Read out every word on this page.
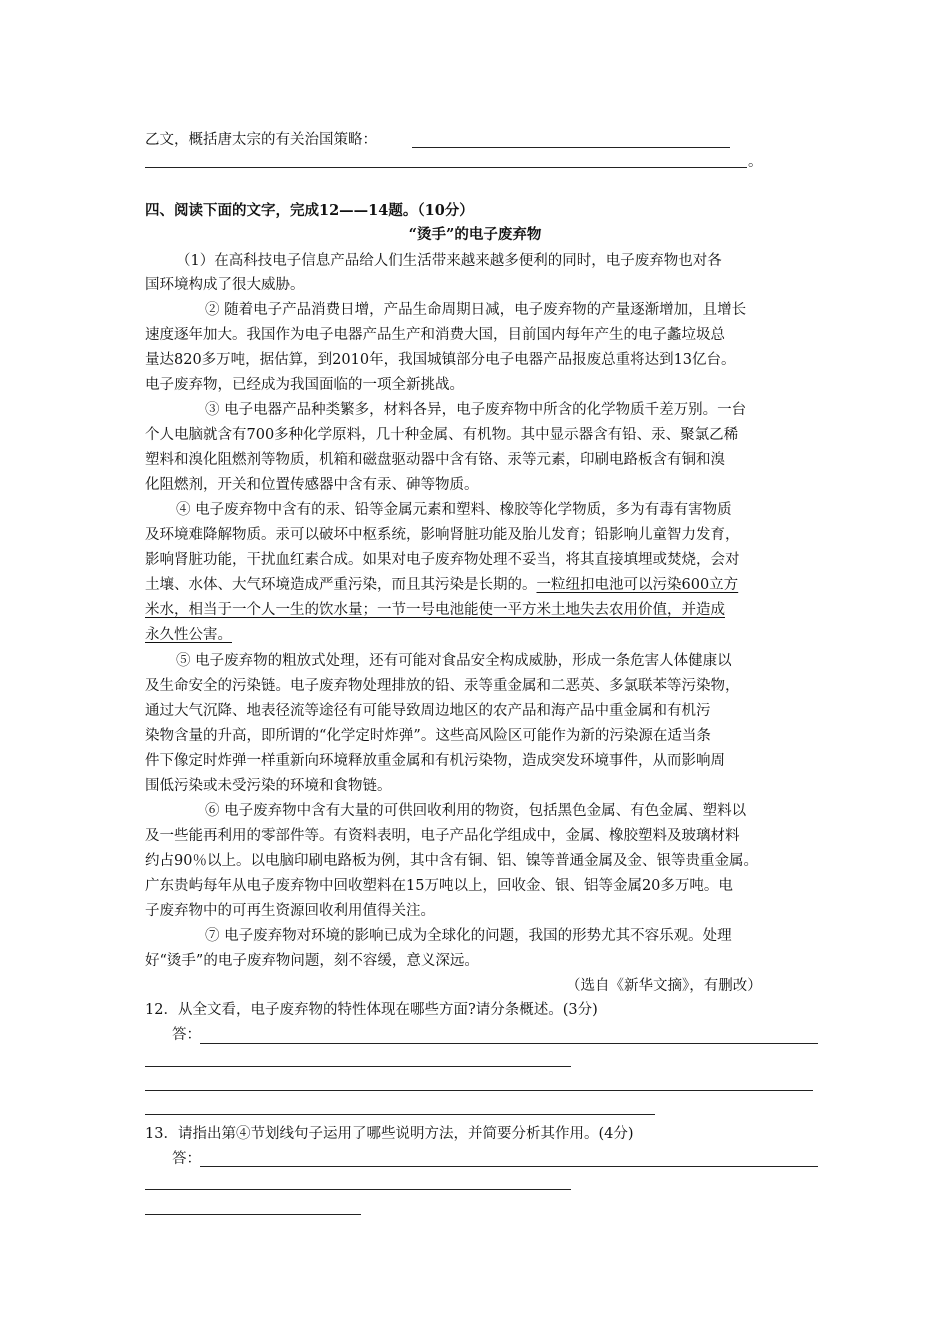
乙文，概括唐太宗的有关治国策略：
。
四、阅读下面的文字，完成12——14题。（10分）
“烫手”的电子废弃物
（1）在高科技电子信息产品给人们生活带来越来越多便利的同时，电子废弃物也对各
国环境构成了很大威胁。
② 随着电子产品消费日增，产品生命周期日减，电子废弃物的产量逐渐增加，且增长
速度逐年加大。我国作为电子电器产品生产和消费大国，目前国内每年产生的电子蠡垃圾总
量达820多万吨，据估算，到2010年，我国城镇部分电子电器产品报废总重将达到13亿台。
电子废弃物，已经成为我国面临的一项全新挑战。
③ 电子电器产品种类繁多，材料各异，电子废弃物中所含的化学物质千差万别。一台
个人电脑就含有700多种化学原料，几十种金属、有机物。其中显示器含有铅、汞、聚氯乙稀
塑料和溴化阻燃剂等物质，机箱和磁盘驱动器中含有铬、汞等元素，印刷电路板含有铜和溴
化阻燃剂，开关和位置传感器中含有汞、砷等物质。
④ 电子废弃物中含有的汞、铅等金属元素和塑料、橡胶等化学物质，多为有毒有害物质
及环境难降解物质。汞可以破坏中枢系统，影响肾脏功能及胎儿发育；铅影响儿童智力发育，
影响肾脏功能，干扰血红素合成。如果对电子废弃物处理不妥当，将其直接填埋或焚烧，会对
土壤、水体、大气环境造成严重污染，而且其污染是长期的。一粒纽扣电池可以污染600立方
米水，相当于一个人一生的饮水量；一节一号电池能使一平方米土地失去农用价值，并造成
永久性公害。
⑤ 电子废弃物的粗放式处理，还有可能对食品安全构成威胁，形成一条危害人体健康以
及生命安全的污染链。电子废弃物处理排放的铅、汞等重金属和二恶英、多氯联苯等污染物，
通过大气沉降、地表径流等途径有可能导致周边地区的农产品和海产品中重金属和有机污
染物含量的升高，即所谓的“化学定时炸弹”。这些高风险区可能作为新的污染源在适当条
件下像定时炸弹一样重新向环境释放重金属和有机污染物，造成突发环境事件，从而影响周
围低污染或未受污染的环境和食物链。
⑥ 电子废弃物中含有大量的可供回收利用的物资，包括黑色金属、有色金属、塑料以
及一些能再利用的零部件等。有资料表明，电子产品化学组成中，金属、橡胶塑料及玻璃材料
约占90％以上。以电脑印刷电路板为例，其中含有铜、铝、镍等普通金属及金、银等贵重金属。
广东贵屿每年从电子废弃物中回收塑料在15万吨以上，回收金、银、铝等金属20多万吨。电
子废弃物中的可再生资源回收利用值得关注。
⑦ 电子废弃物对环境的影响已成为全球化的问题，我国的形势尤其不容乐观。处理
好“烫手”的电子废弃物问题，刻不容缓，意义深远。
（选自《新华文摘》，有删改）
12．从全文看，电子废弃物的特性体现在哪些方面?请分条概述。(3分)
答：
13．请指出第④节划线句子运用了哪些说明方法，并简要分析其作用。(4分)
答：
